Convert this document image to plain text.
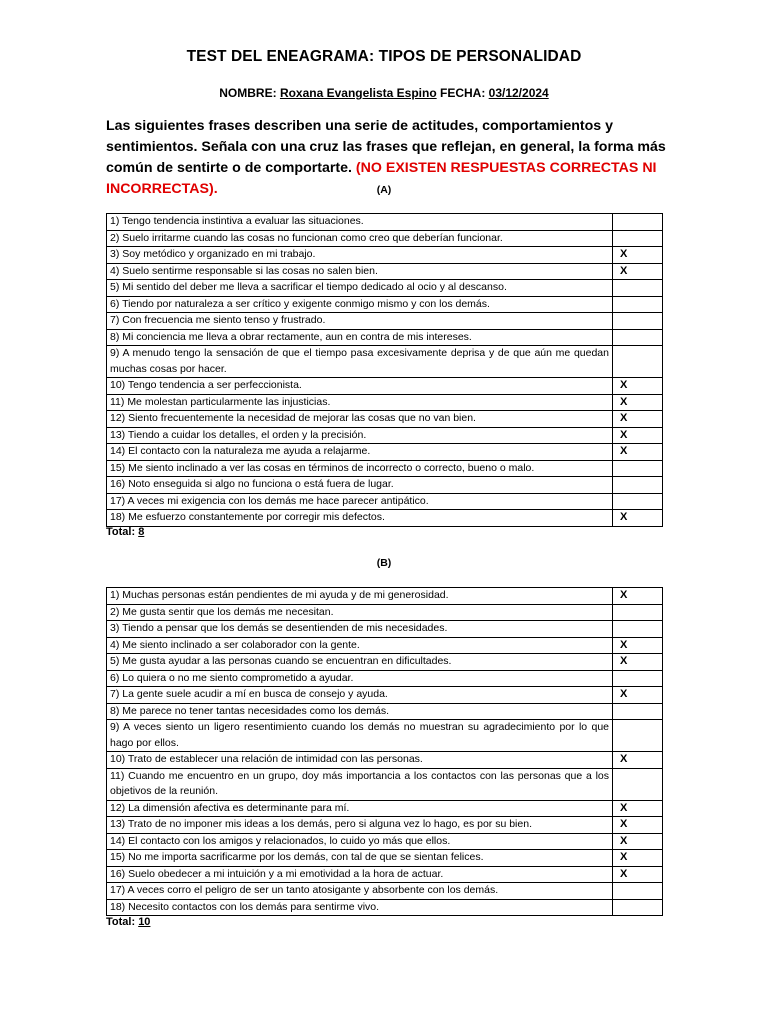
TEST DEL ENEAGRAMA: TIPOS DE PERSONALIDAD
NOMBRE: Roxana Evangelista Espino FECHA: 03/12/2024
Las siguientes frases describen una serie de actitudes, comportamientos y sentimientos. Señala con una cruz las frases que reflejan, en general, la forma más común de sentirte o de comportarte. (NO EXISTEN RESPUESTAS CORRECTAS NI INCORRECTAS).	(A)
1) Tengo tendencia instintiva a evaluar las situaciones.	
2) Suelo irritarme cuando las cosas no funcionan como creo que deberían funcionar.	
3) Soy metódico y organizado en mi trabajo.	X
4) Suelo sentirme responsable si las cosas no salen bien.	X
5) Mi sentido del deber me lleva a sacrificar el tiempo dedicado al ocio y al descanso.	
6) Tiendo por naturaleza a ser crítico y exigente conmigo mismo y con los demás.	
7) Con frecuencia me siento tenso y frustrado.	
8) Mi conciencia me lleva a obrar rectamente, aun en contra de mis intereses.	
9) A menudo tengo la sensación de que el tiempo pasa excesivamente deprisa y de que aún me quedan muchas cosas por hacer.	
10) Tengo tendencia a ser perfeccionista.	X
11) Me molestan particularmente las injusticias.	X
12) Siento frecuentemente la necesidad de mejorar las cosas que no van bien.	X
13) Tiendo a cuidar los detalles, el orden y la precisión.	X
14) El contacto con la naturaleza me ayuda a relajarme.	X
15) Me siento inclinado a ver las cosas en términos de incorrecto o correcto, bueno o malo.	
16) Noto enseguida si algo no funciona o está fuera de lugar.	
17) A veces mi exigencia con los demás me hace parecer antipático.	
18) Me esfuerzo constantemente por corregir mis defectos.	X
Total: 8
(B)
1) Muchas personas están pendientes de mi ayuda y de mi generosidad.	X
2) Me gusta sentir que los demás me necesitan.	
3) Tiendo a pensar que los demás se desentienden de mis necesidades.	
4) Me siento inclinado a ser colaborador con la gente.	X
5) Me gusta ayudar a las personas cuando se encuentran en dificultades.	X
6) Lo quiera o no me siento comprometido a ayudar.	
7) La gente suele acudir a mí en busca de consejo y ayuda.	X
8) Me parece no tener tantas necesidades como los demás.	
9) A veces siento un ligero resentimiento cuando los demás no muestran su agradecimiento por lo que hago por ellos.	
10) Trato de establecer una relación de intimidad con las personas.	X
11) Cuando me encuentro en un grupo, doy más importancia a los contactos con las personas que a los objetivos de la reunión.	
12) La dimensión afectiva es determinante para mí.	X
13) Trato de no imponer mis ideas a los demás, pero si alguna vez lo hago, es por su bien.	X
14) El contacto con los amigos y relacionados, lo cuido yo más que ellos.	X
15) No me importa sacrificarme por los demás, con tal de que se sientan felices.	X
16) Suelo obedecer a mi intuición y a mi emotividad a la hora de actuar.	X
17) A veces corro el peligro de ser un tanto atosigante y absorbente con los demás.	
18) Necesito contactos con los demás para sentirme vivo.	
Total: 10
